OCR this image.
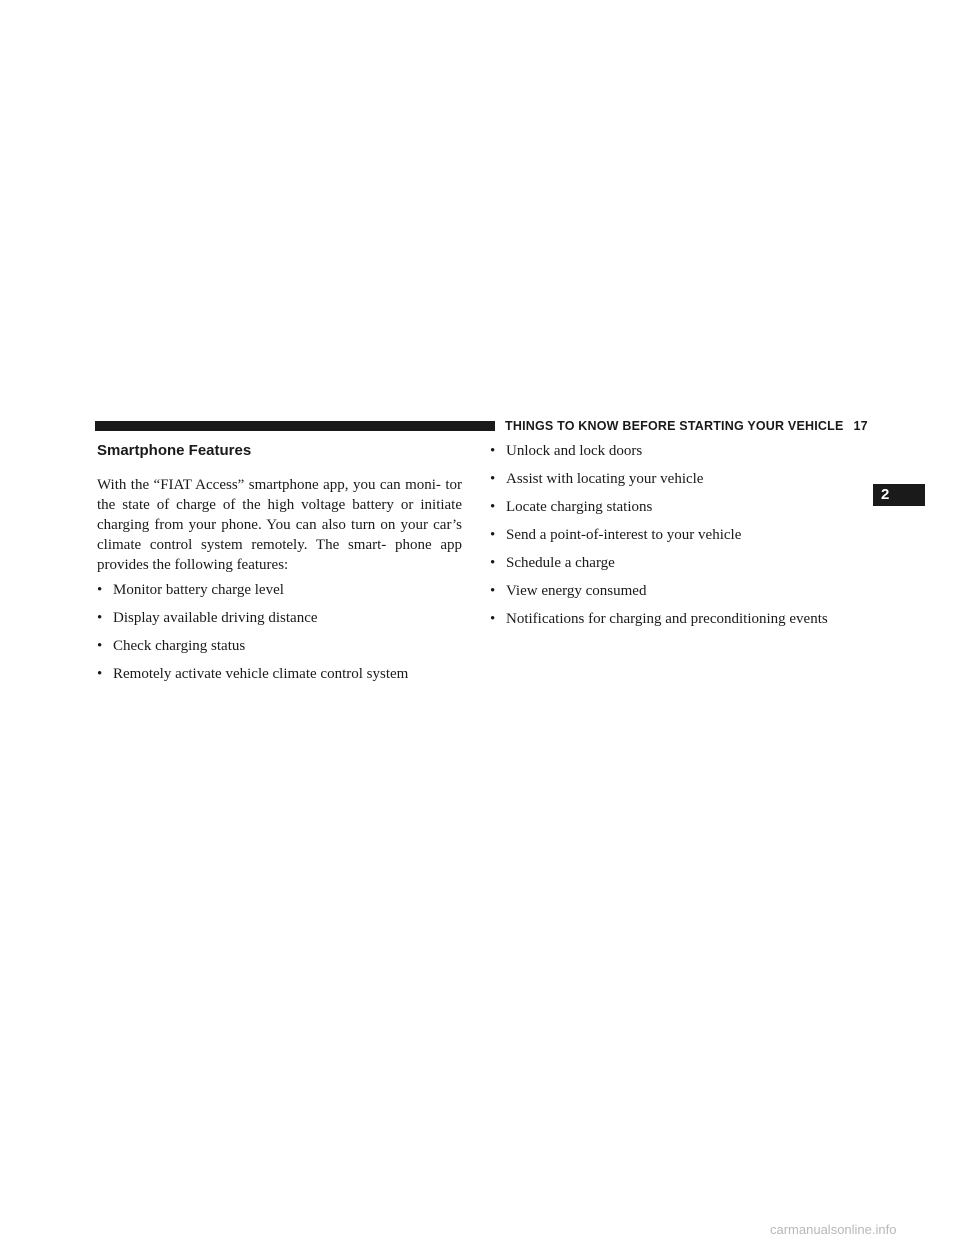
THINGS TO KNOW BEFORE STARTING YOUR VEHICLE 17
2
Smartphone Features

With the “FIAT Access” smartphone app, you can moni- tor the state of charge of the high voltage battery or initiate charging from your phone. You can also turn on your car’s climate control system remotely. The smart- phone app provides the following features:

• Monitor battery charge level
• Display available driving distance
• Check charging status
• Remotely activate vehicle climate control system
• Unlock and lock doors
• Assist with locating your vehicle
• Locate charging stations
• Send a point-of-interest to your vehicle
• Schedule a charge
• View energy consumed
• Notifications for charging and preconditioning events
carmanualsonline.info
